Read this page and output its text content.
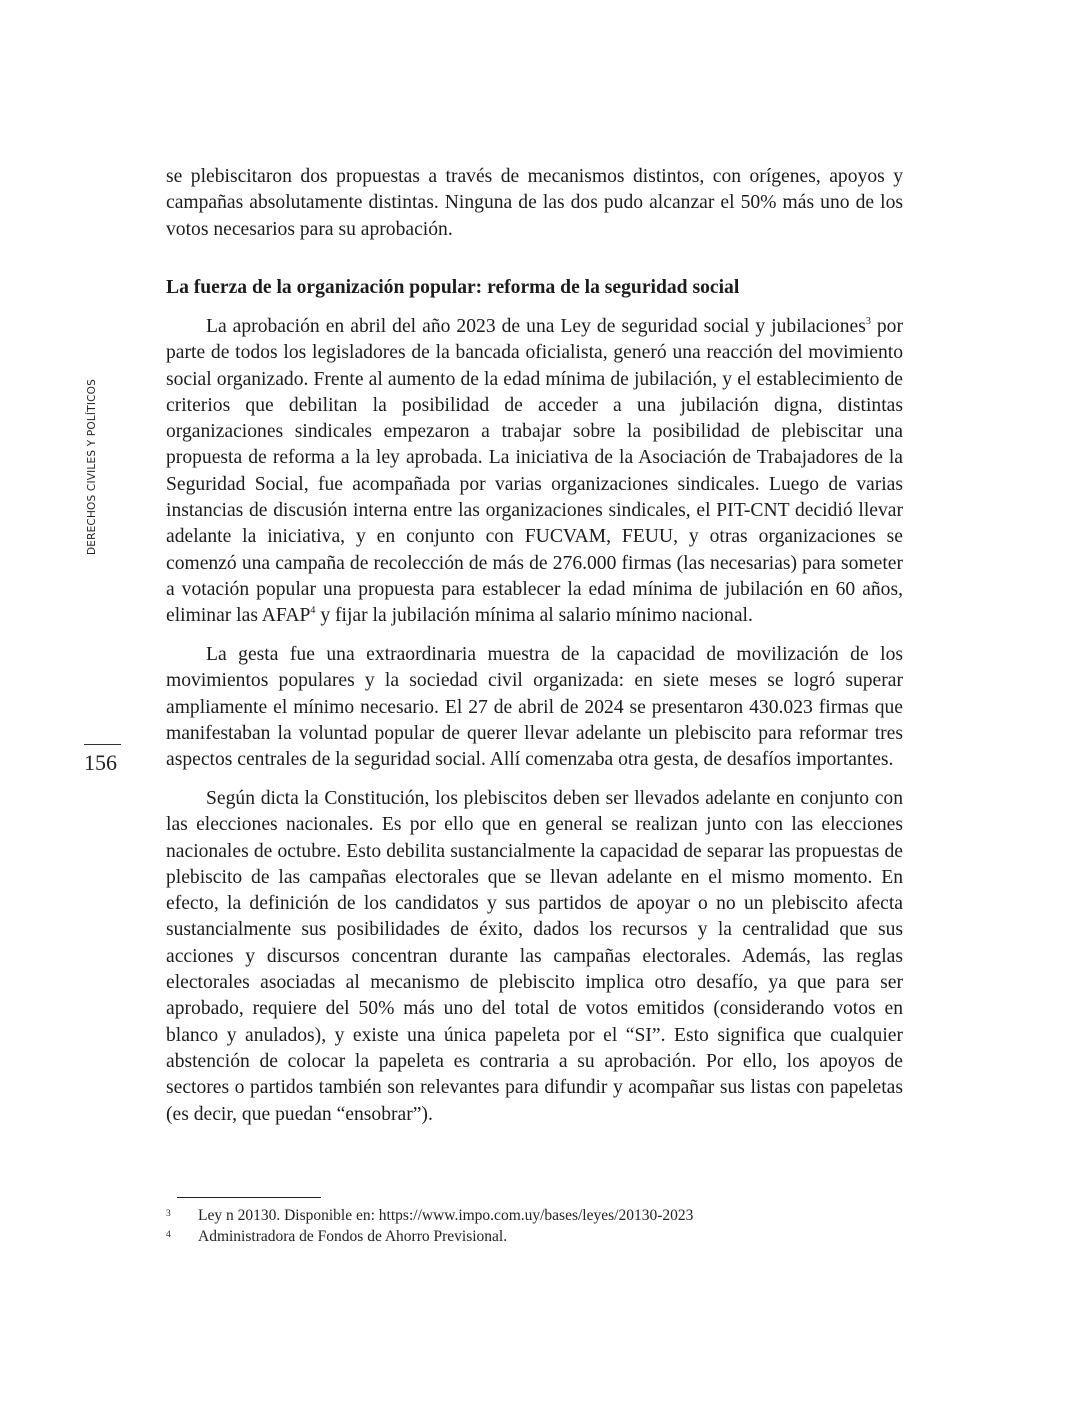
DERECHOS CIVILES Y POLÍTICOS
156

se plebiscitaron dos propuestas a través de mecanismos distintos, con orígenes, apoyos y campañas absolutamente distintas. Ninguna de las dos pudo alcanzar el 50% más uno de los votos necesarios para su aprobación.

La fuerza de la organización popular: reforma de la seguridad social

La aprobación en abril del año 2023 de una Ley de seguridad social y jubilaciones$^3$ por parte de todos los legisladores de la bancada oficialista, generó una reacción del movimiento social organizado. Frente al aumento de la edad mínima de jubilación, y el establecimiento de criterios que debilitan la posibilidad de acceder a una jubilación digna, distintas organizaciones sindicales empezaron a trabajar sobre la posibilidad de plebiscitar una propuesta de reforma a la ley aprobada. La iniciativa de la Asociación de Trabajadores de la Seguridad Social, fue acompañada por varias organizaciones sindicales. Luego de varias instancias de discusión interna entre las organizaciones sindicales, el PIT-CNT decidió llevar adelante la iniciativa, y en conjunto con FUCVAM, FEUU, y otras organizaciones se comenzó una campaña de recolección de más de 276.000 firmas (las necesarias) para someter a votación popular una propuesta para establecer la edad mínima de jubilación en 60 años, eliminar las AFAP$^4$ y fijar la jubilación mínima al salario mínimo nacional.

La gesta fue una extraordinaria muestra de la capacidad de movilización de los movimientos populares y la sociedad civil organizada: en siete meses se logró superar ampliamente el mínimo necesario. El 27 de abril de 2024 se presentaron 430.023 firmas que manifestaban la voluntad popular de querer llevar adelante un plebiscito para reformar tres aspectos centrales de la seguridad social. Allí comenzaba otra gesta, de desafíos importantes.

Según dicta la Constitución, los plebiscitos deben ser llevados adelante en conjunto con las elecciones nacionales. Es por ello que en general se realizan junto con las elecciones nacionales de octubre. Esto debilita sustancialmente la capacidad de separar las propuestas de plebiscito de las campañas electorales que se llevan adelante en el mismo momento. En efecto, la definición de los candidatos y sus partidos de apoyar o no un plebiscito afecta sustancialmente sus posibilidades de éxito, dados los recursos y la centralidad que sus acciones y discursos concentran durante las campañas electorales. Además, las reglas electorales asociadas al mecanismo de plebiscito implica otro desafío, ya que para ser aprobado, requiere del 50% más uno del total de votos emitidos (considerando votos en blanco y anulados), y existe una única papeleta por el “SI”. Esto significa que cualquier abstención de colocar la papeleta es contraria a su aprobación. Por ello, los apoyos de sectores o partidos también son relevantes para difundir y acompañar sus listas con papeletas (es decir, que puedan “ensobrar”).

3 Ley n 20130. Disponible en: https://www.impo.com.uy/bases/leyes/20130-2023
4 Administradora de Fondos de Ahorro Previsional.
